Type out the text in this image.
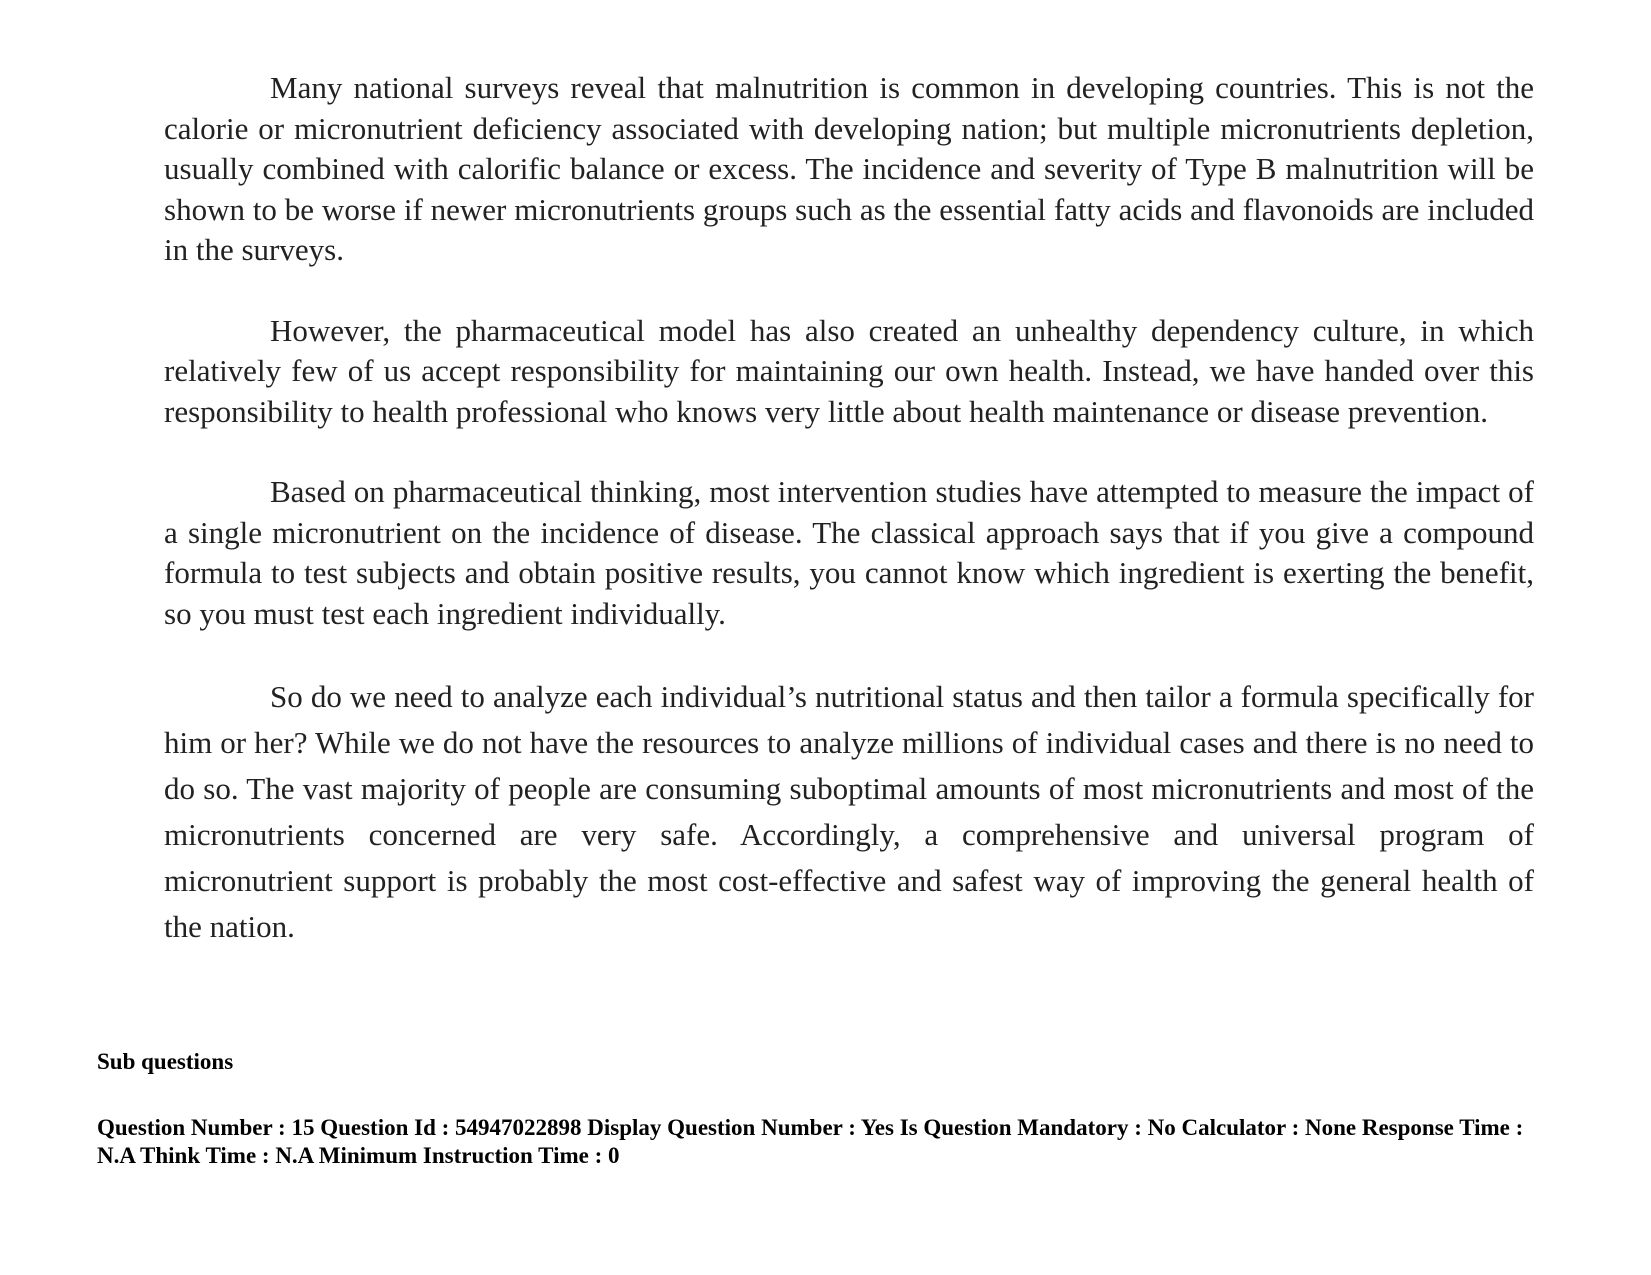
Many national surveys reveal that malnutrition is common in developing countries. This is not the calorie or micronutrient deficiency associated with developing nation; but multiple micronutrients depletion, usually combined with calorific balance or excess. The incidence and severity of Type B malnutrition will be shown to be worse if newer micronutrients groups such as the essential fatty acids and flavonoids are included in the surveys.

However, the pharmaceutical model has also created an unhealthy dependency culture, in which relatively few of us accept responsibility for maintaining our own health. Instead, we have handed over this responsibility to health professional who knows very little about health maintenance or disease prevention.

Based on pharmaceutical thinking, most intervention studies have attempted to measure the impact of a single micronutrient on the incidence of disease. The classical approach says that if you give a compound formula to test subjects and obtain positive results, you cannot know which ingredient is exerting the benefit, so you must test each ingredient individually.

So do we need to analyze each individual’s nutritional status and then tailor a formula specifically for him or her? While we do not have the resources to analyze millions of individual cases and there is no need to do so. The vast majority of people are consuming suboptimal amounts of most micronutrients and most of the micronutrients concerned are very safe. Accordingly, a comprehensive and universal program of micronutrient support is probably the most cost-effective and safest way of improving the general health of the nation.

Sub questions

Question Number : 15 Question Id : 54947022898 Display Question Number : Yes Is Question Mandatory : No Calculator : None Response Time : N.A Think Time : N.A Minimum Instruction Time : 0
